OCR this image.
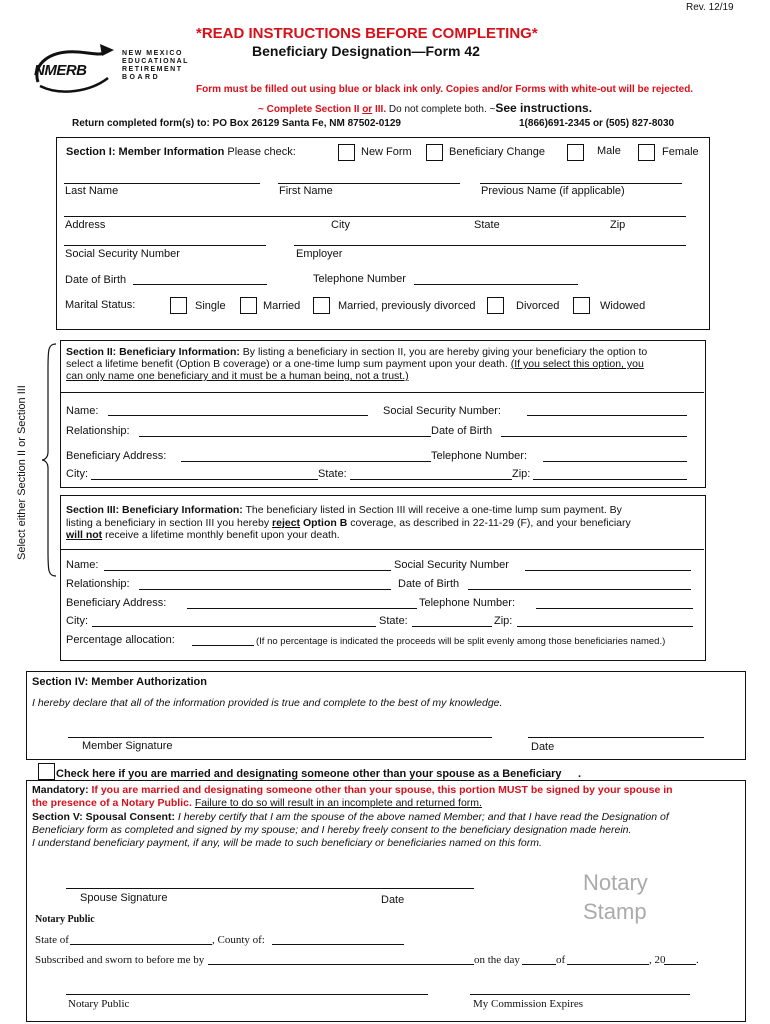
Rev. 12/19
*READ INSTRUCTIONS BEFORE COMPLETING*
Beneficiary Designation—Form 42
NMERB
NEW MEXICO
EDUCATIONAL
RETIREMENT
BOARD
Form must be filled out using blue or black ink only. Copies and/or Forms with white-out will be rejected.
~ Complete Section II or III. Do not complete both. ~See instructions.
Return completed form(s) to: PO Box 26129 Santa Fe, NM 87502-0129	1(866)691-2345 or (505) 827-8030
Section I: Member Information Please check:	New Form	Beneficiary Change	Male	Female
Last Name	First Name	Previous Name (if applicable)
Address	City	State	Zip
Social Security Number	Employer
Date of Birth	Telephone Number
Marital Status:	Single	Married	Married, previously divorced	Divorced	Widowed
Select either Section II or Section III
Section II: Beneficiary Information: By listing a beneficiary in section II, you are hereby giving your beneficiary the option to
select a lifetime benefit (Option B coverage) or a one-time lump sum payment upon your death. (If you select this option, you
can only name one beneficiary and it must be a human being, not a trust.)
Name:	Social Security Number:
Relationship:	Date of Birth
Beneficiary Address:	Telephone Number:
City:	State:	Zip:
Section III: Beneficiary Information: The beneficiary listed in Section III will receive a one-time lump sum payment. By
listing a beneficiary in section III you hereby reject Option B coverage, as described in 22-11-29 (F), and your beneficiary
will not receive a lifetime monthly benefit upon your death.
Name:	Social Security Number
Relationship:	Date of Birth
Beneficiary Address:	Telephone Number:
City:	State:	Zip:
Percentage allocation:	(If no percentage is indicated the proceeds will be split evenly among those beneficiaries named.)
Section IV: Member Authorization
I hereby declare that all of the information provided is true and complete to the best of my knowledge.
Member Signature	Date
Check here if you are married and designating someone other than your spouse as a Beneficiary .
Mandatory: If you are married and designating someone other than your spouse, this portion MUST be signed by your spouse in
the presence of a Notary Public. Failure to do so will result in an incomplete and returned form.
Section V: Spousal Consent: I hereby certify that I am the spouse of the above named Member; and that I have read the Designation of
Beneficiary form as completed and signed by my spouse; and I hereby freely consent to the beneficiary designation made herein.
I understand beneficiary payment, if any, will be made to such beneficiary or beneficiaries named on this form.
Spouse Signature	Date
Notary
Stamp
Notary Public
State of	, County of:
Subscribed and sworn to before me by	on the day	of	, 20	.
Notary Public	My Commission Expires
